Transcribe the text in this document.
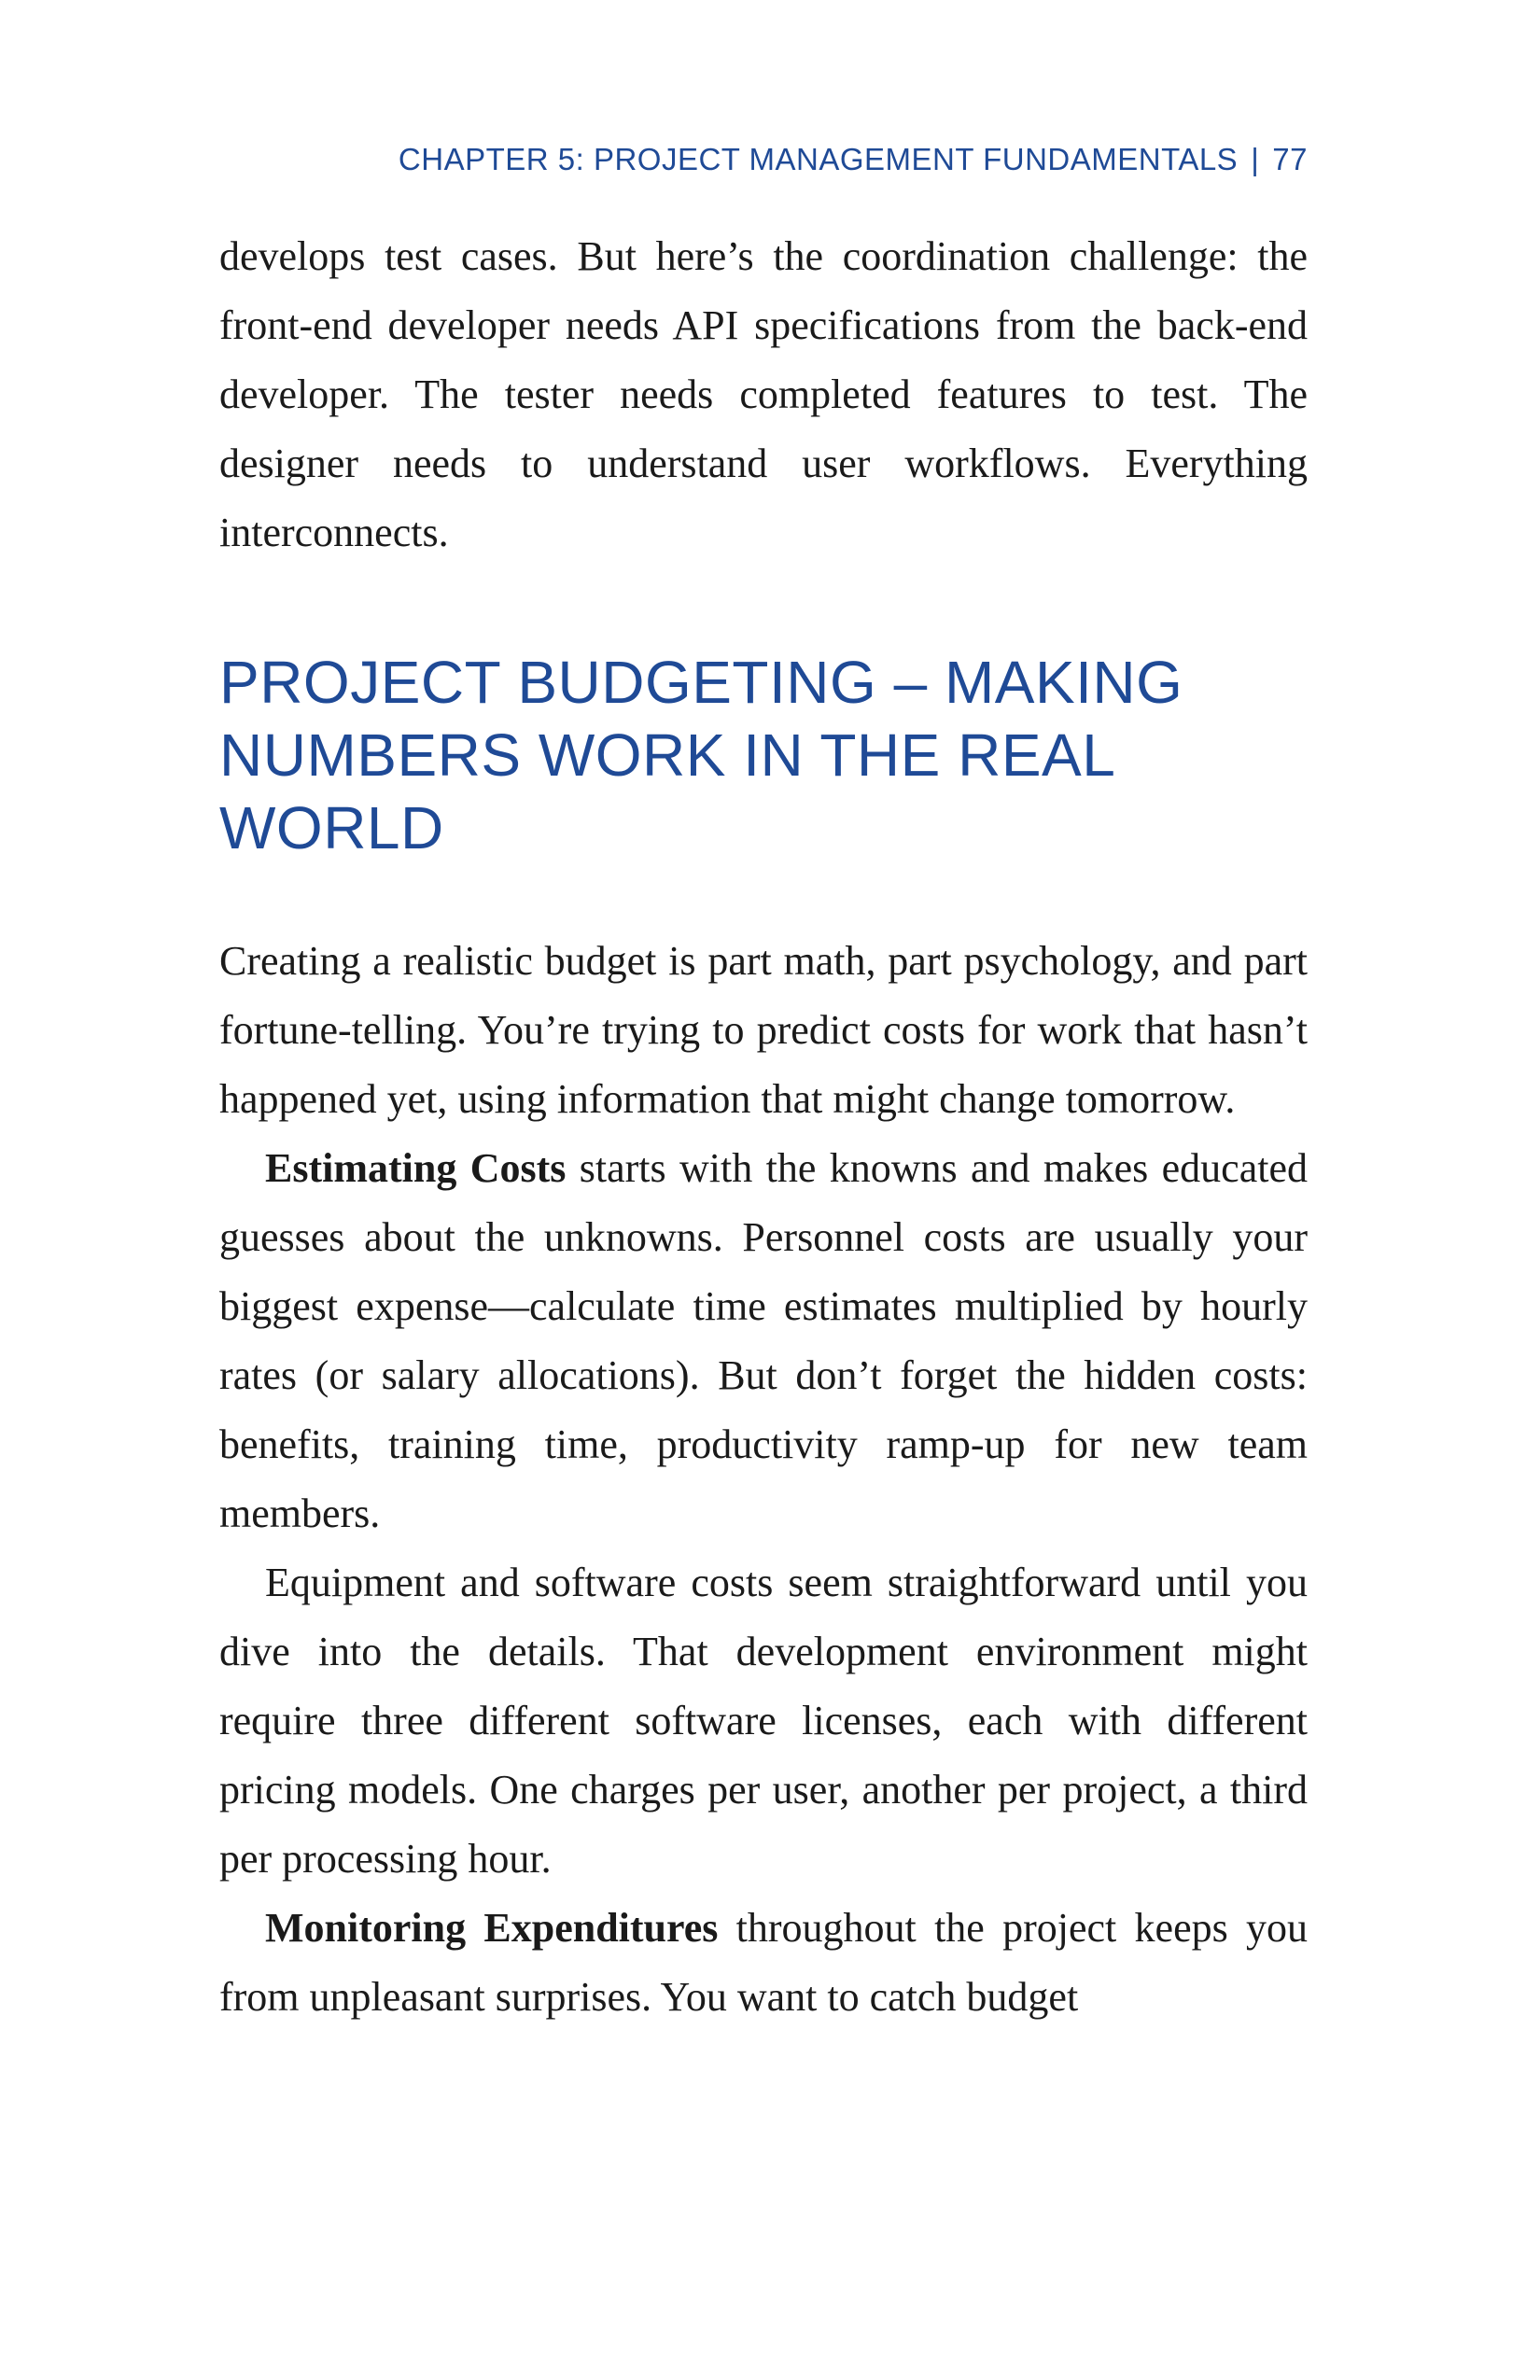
CHAPTER 5: PROJECT MANAGEMENT FUNDAMENTALS | 77

develops test cases. But here’s the coordination challenge: the front-end developer needs API specifications from the back-end developer. The tester needs completed features to test. The designer needs to understand user workflows. Everything interconnects.

PROJECT BUDGETING – MAKING NUMBERS WORK IN THE REAL WORLD

Creating a realistic budget is part math, part psychology, and part fortune-telling. You’re trying to predict costs for work that hasn’t happened yet, using information that might change tomorrow.

Estimating Costs starts with the knowns and makes educated guesses about the unknowns. Personnel costs are usually your biggest expense—calculate time estimates multiplied by hourly rates (or salary allocations). But don’t forget the hidden costs: benefits, training time, productivity ramp-up for new team members.

Equipment and software costs seem straightforward until you dive into the details. That development environment might require three different software licenses, each with different pricing models. One charges per user, another per project, a third per processing hour.

Monitoring Expenditures throughout the project keeps you from unpleasant surprises. You want to catch budget
